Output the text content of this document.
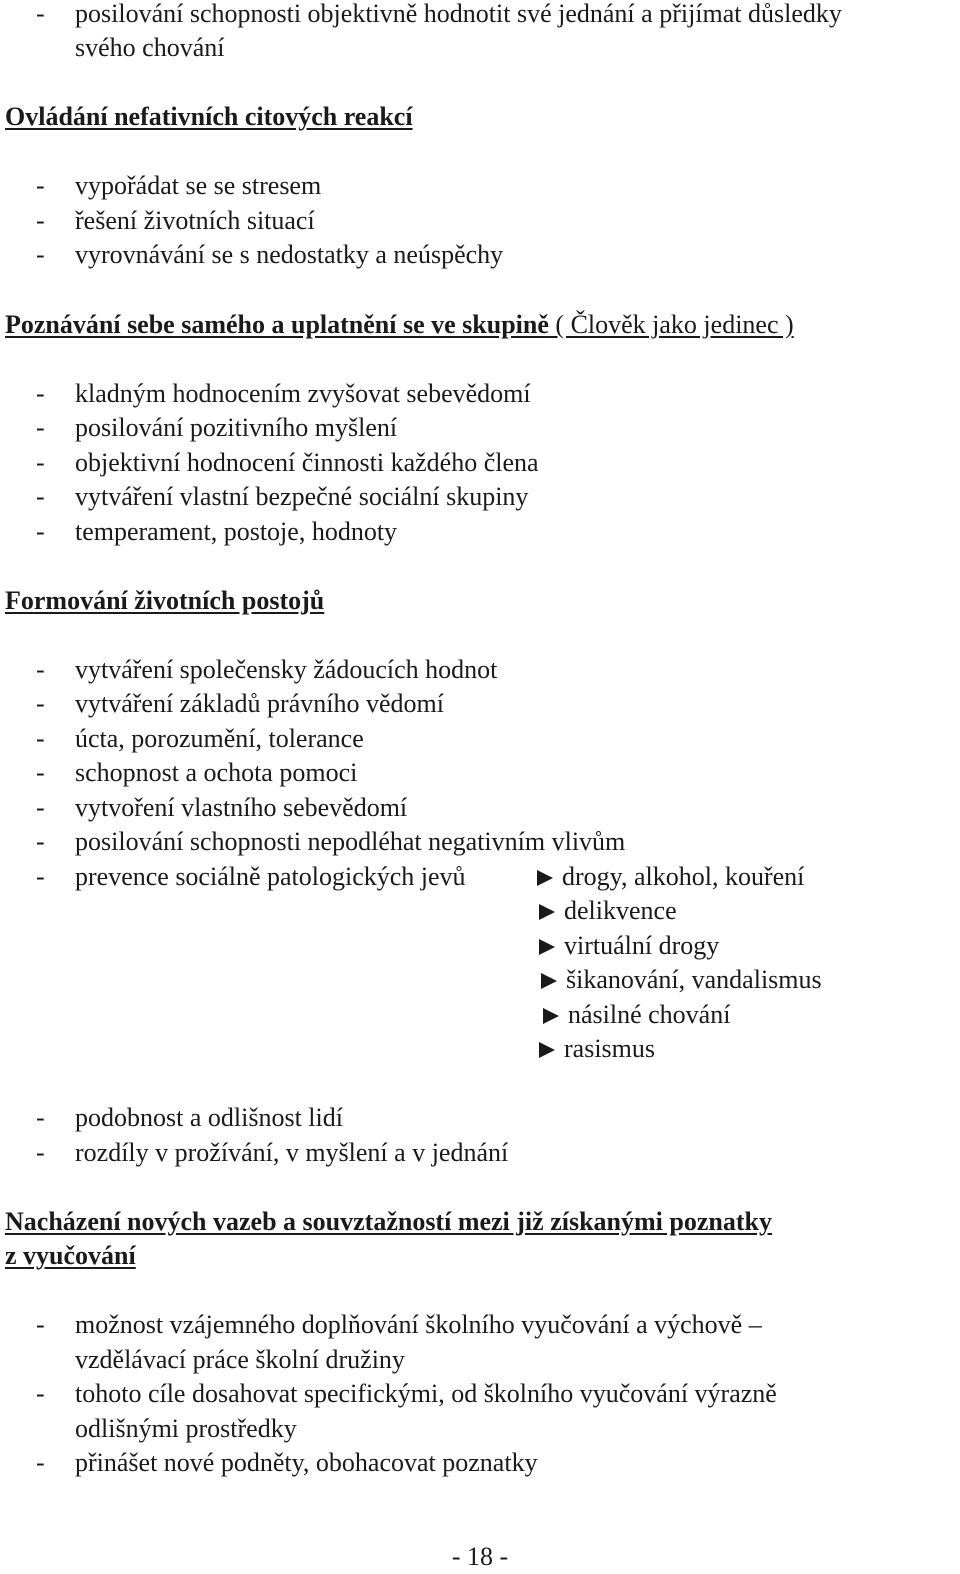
- posilování schopnosti objektivně hodnotit své jednání a přijímat důsledky
svého chování
Ovládání nefativních citových reakcí
- vypořádat se se stresem
- řešení životních situací
- vyrovnávání se s nedostatky a neúspěchy
Poznávání sebe samého a uplatnění se ve skupině ( Člověk jako jedinec )
- kladným hodnocením zvyšovat sebevědomí
- posilování pozitivního myšlení
- objektivní hodnocení činnosti každého člena
- vytváření vlastní bezpečné sociální skupiny
- temperament, postoje, hodnoty
Formování životních postojů
- vytváření společensky žádoucích hodnot
- vytváření základů právního vědomí
- úcta, porozumění, tolerance
- schopnost a ochota pomoci
- vytvoření vlastního sebevědomí
- posilování schopnosti nepodléhat negativním vlivům
- prevence sociálně patologických jevů	drogy, alkohol, kouření
delikvence
virtuální drogy
šikanování, vandalismus
násilné chování
rasismus
- podobnost a odlišnost lidí
- rozdíly v prožívání, v myšlení a v jednání
Nacházení nových vazeb a souvztažností mezi již získanými poznatky
z vyučování
- možnost vzájemného doplňování školního vyučování a výchově –
vzdělávací práce školní družiny
- tohoto cíle dosahovat specifickými, od školního vyučování výrazně
odlišnými prostředky
- přinášet nové podněty, obohacovat poznatky
- 18 -
